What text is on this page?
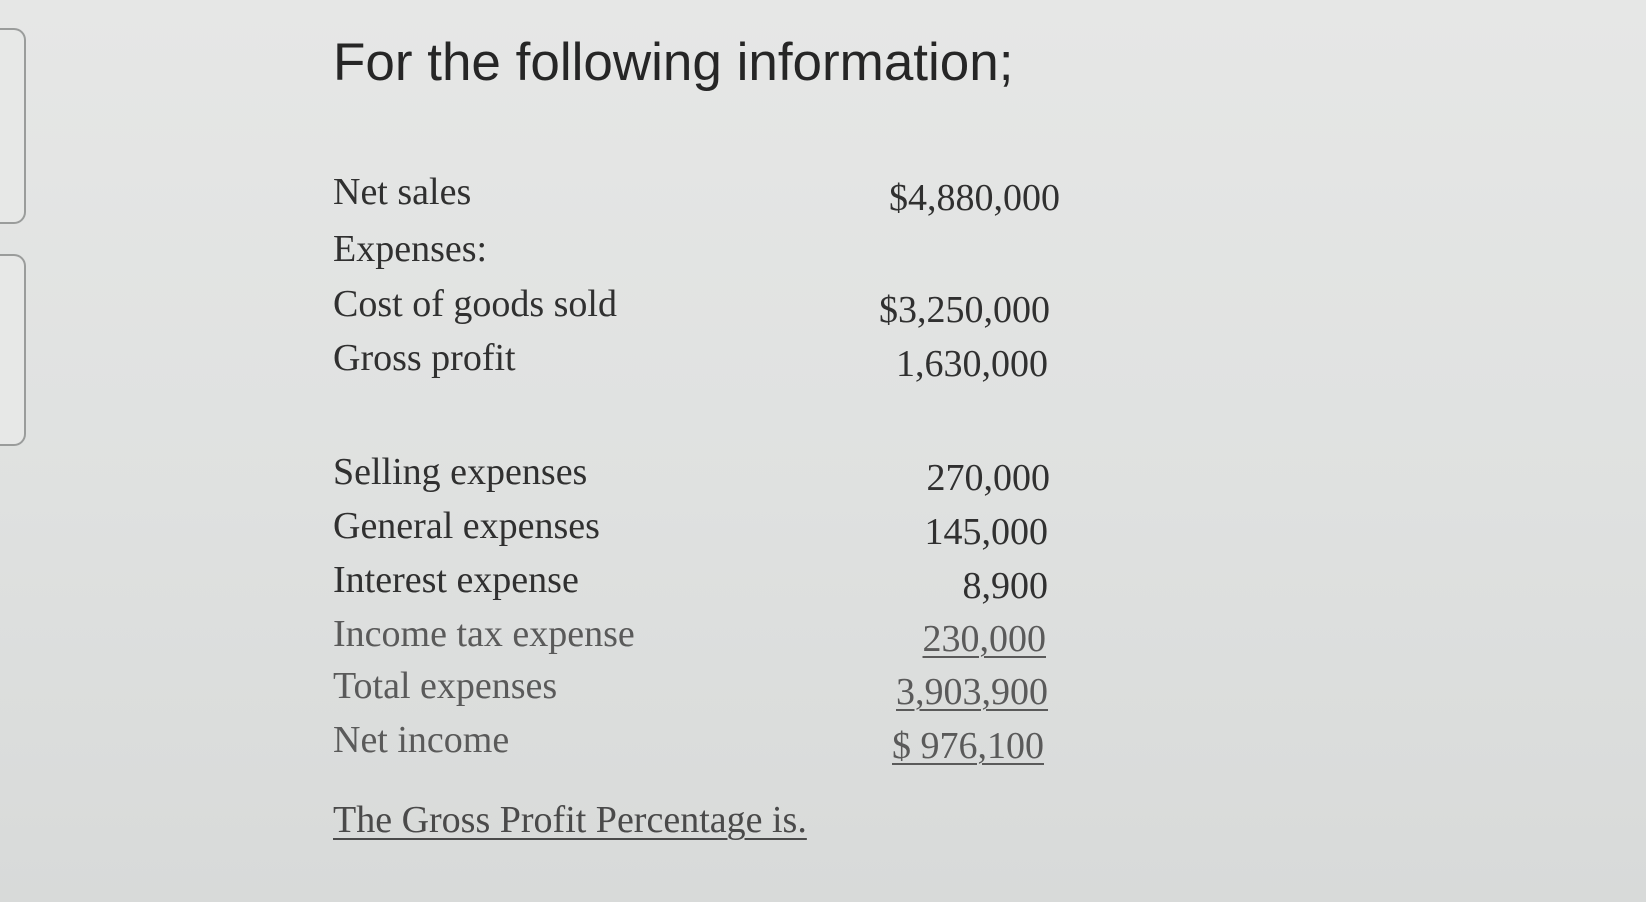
For the following information;
Net sales	$4,880,000
Expenses:
Cost of goods sold	$3,250,000
Gross profit	1,630,000
Selling expenses	270,000
General expenses	145,000
Interest expense	8,900
Income tax expense	230,000
Total expenses	3,903,900
Net income	$ 976,100
The Gross Profit Percentage is.
